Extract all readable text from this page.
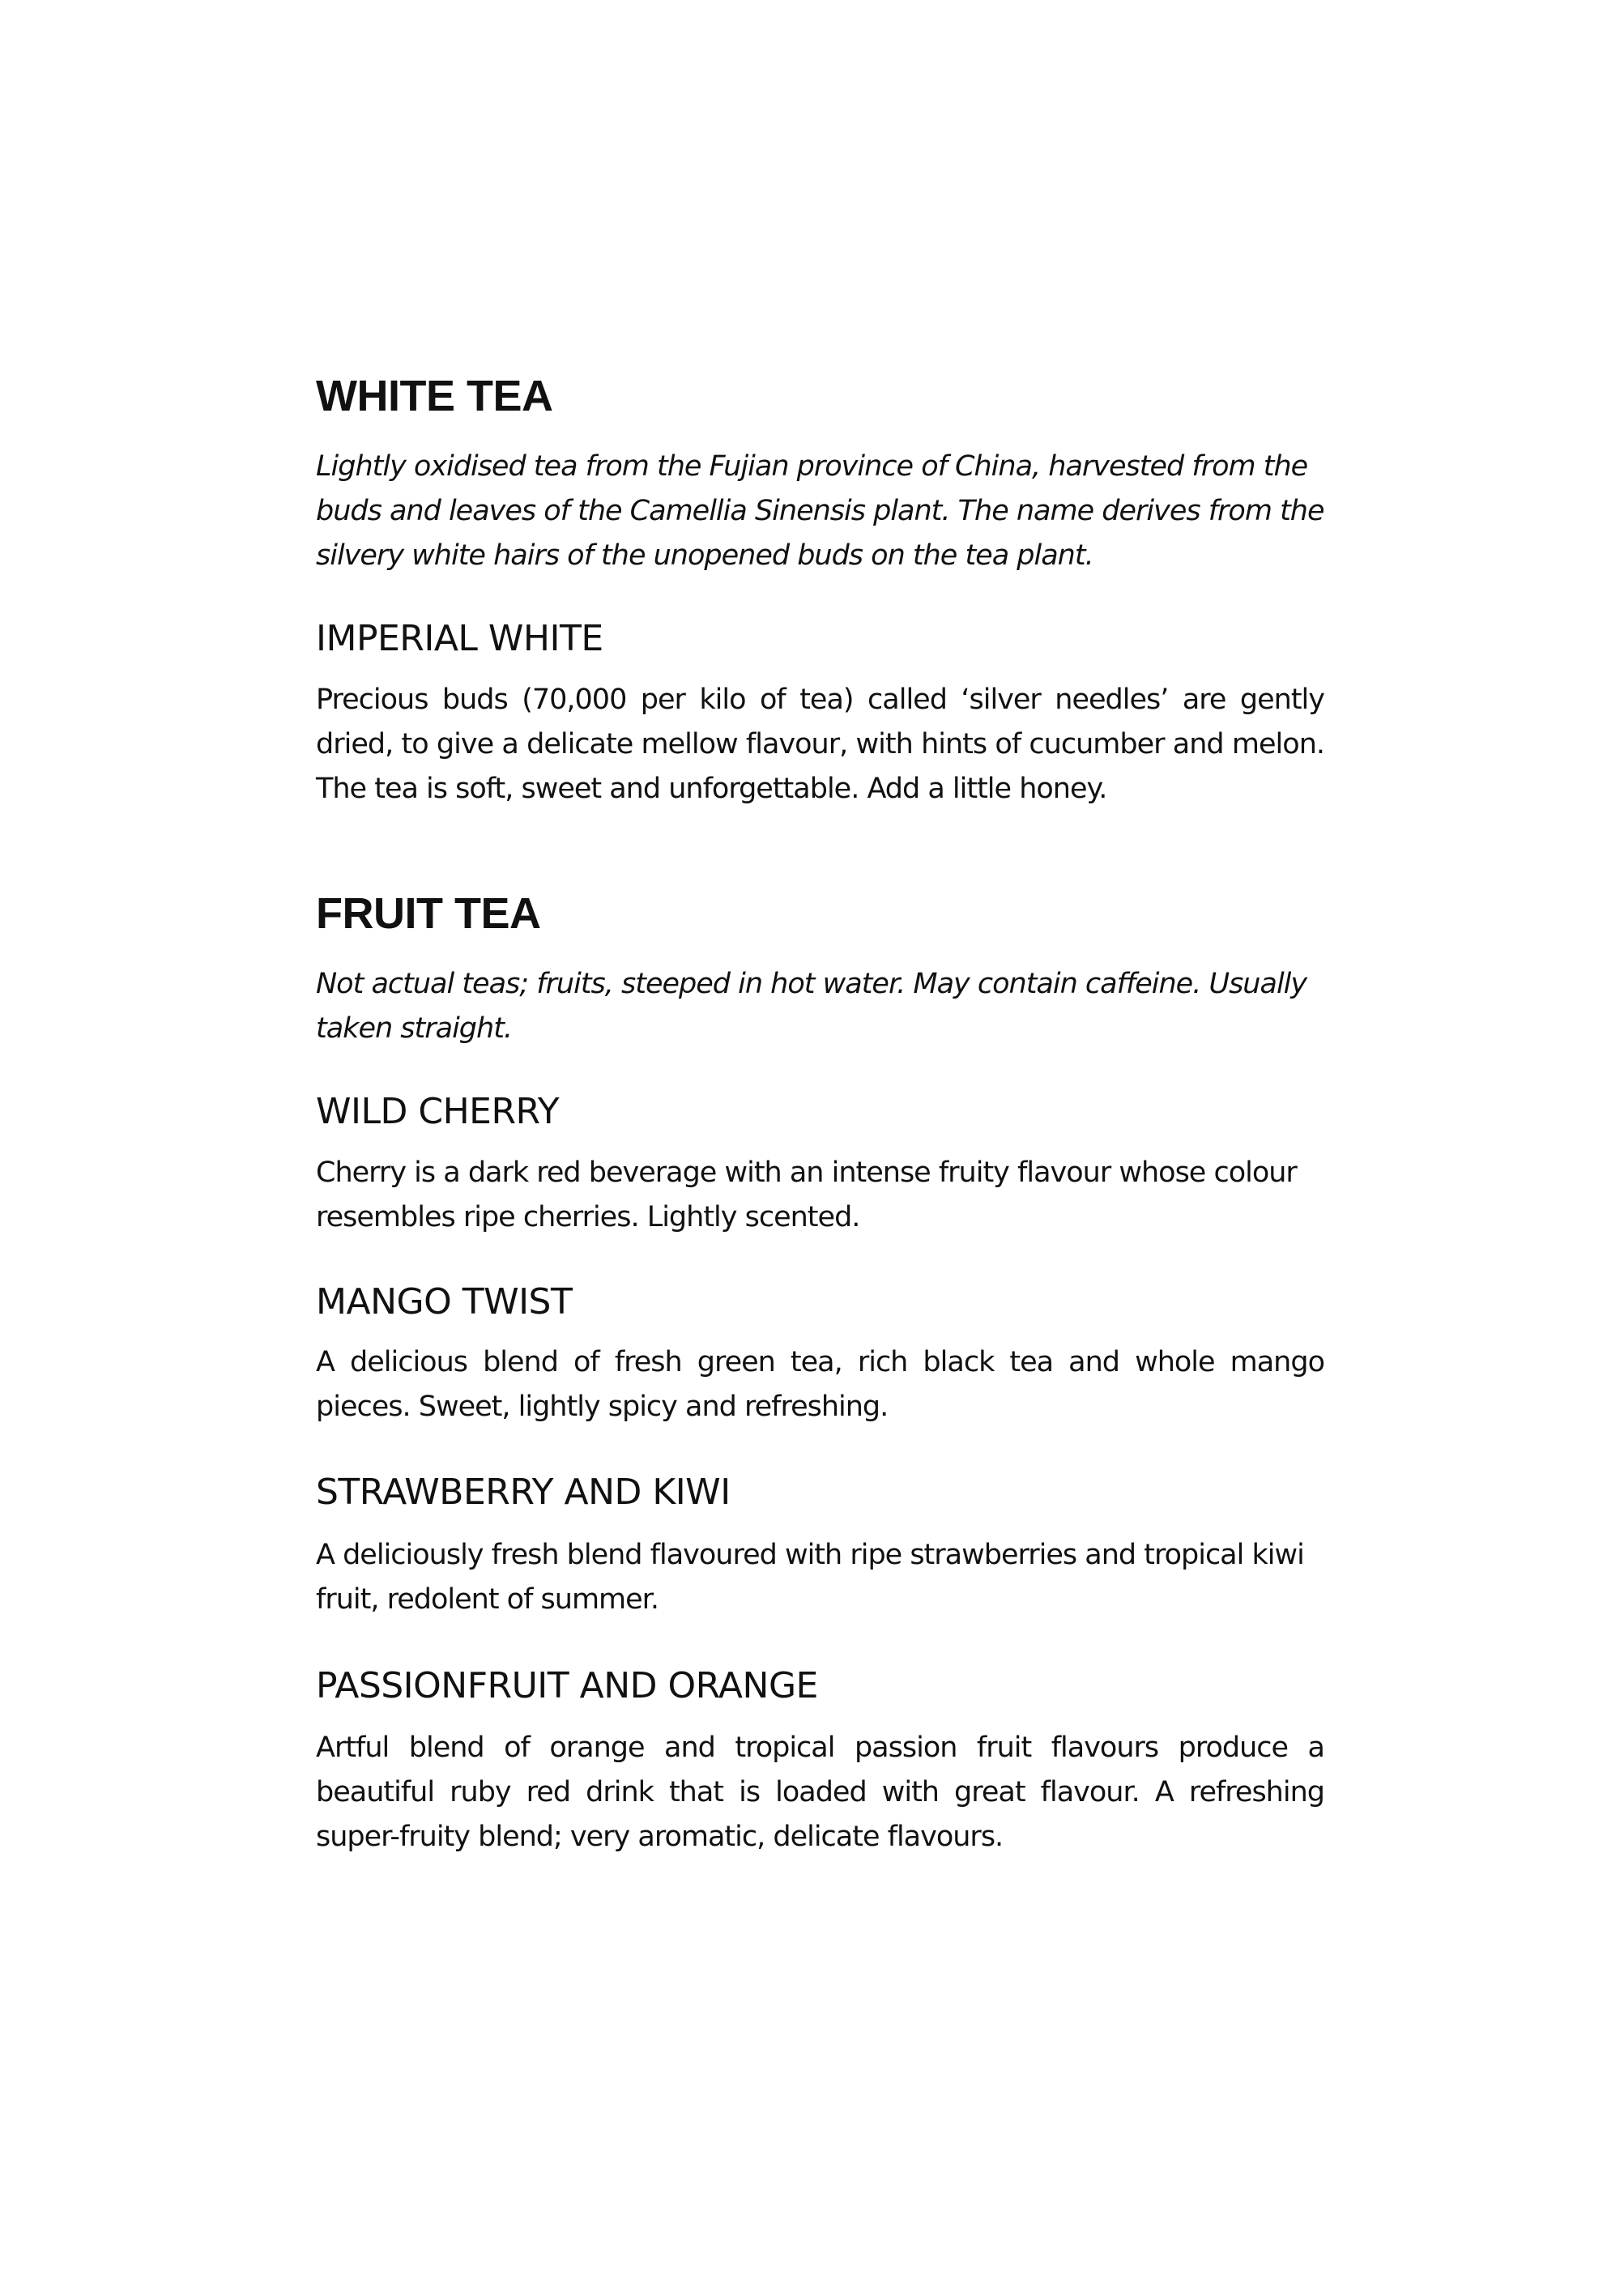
WHITE TEA

Lightly oxidised tea from the Fujian province of China, harvested from the buds and leaves of the Camellia Sinensis plant. The name derives from the silvery white hairs of the unopened buds on the tea plant.

IMPERIAL WHITE

Precious buds (70,000 per kilo of tea) called ‘silver needles’ are gently dried, to give a delicate mellow flavour, with hints of cucumber and melon. The tea is soft, sweet and unforgettable. Add a little honey.

FRUIT TEA

Not actual teas; fruits, steeped in hot water. May contain caffeine. Usually taken straight.

WILD CHERRY

Cherry is a dark red beverage with an intense fruity flavour whose colour resembles ripe cherries. Lightly scented.

MANGO TWIST

A delicious blend of fresh green tea, rich black tea and whole mango pieces. Sweet, lightly spicy and refreshing.

STRAWBERRY AND KIWI

A deliciously fresh blend flavoured with ripe strawberries and tropical kiwi fruit, redolent of summer.

PASSIONFRUIT AND ORANGE

Artful blend of orange and tropical passion fruit flavours produce a beautiful ruby red drink that is loaded with great flavour. A refreshing super-fruity blend; very aromatic, delicate flavours.
